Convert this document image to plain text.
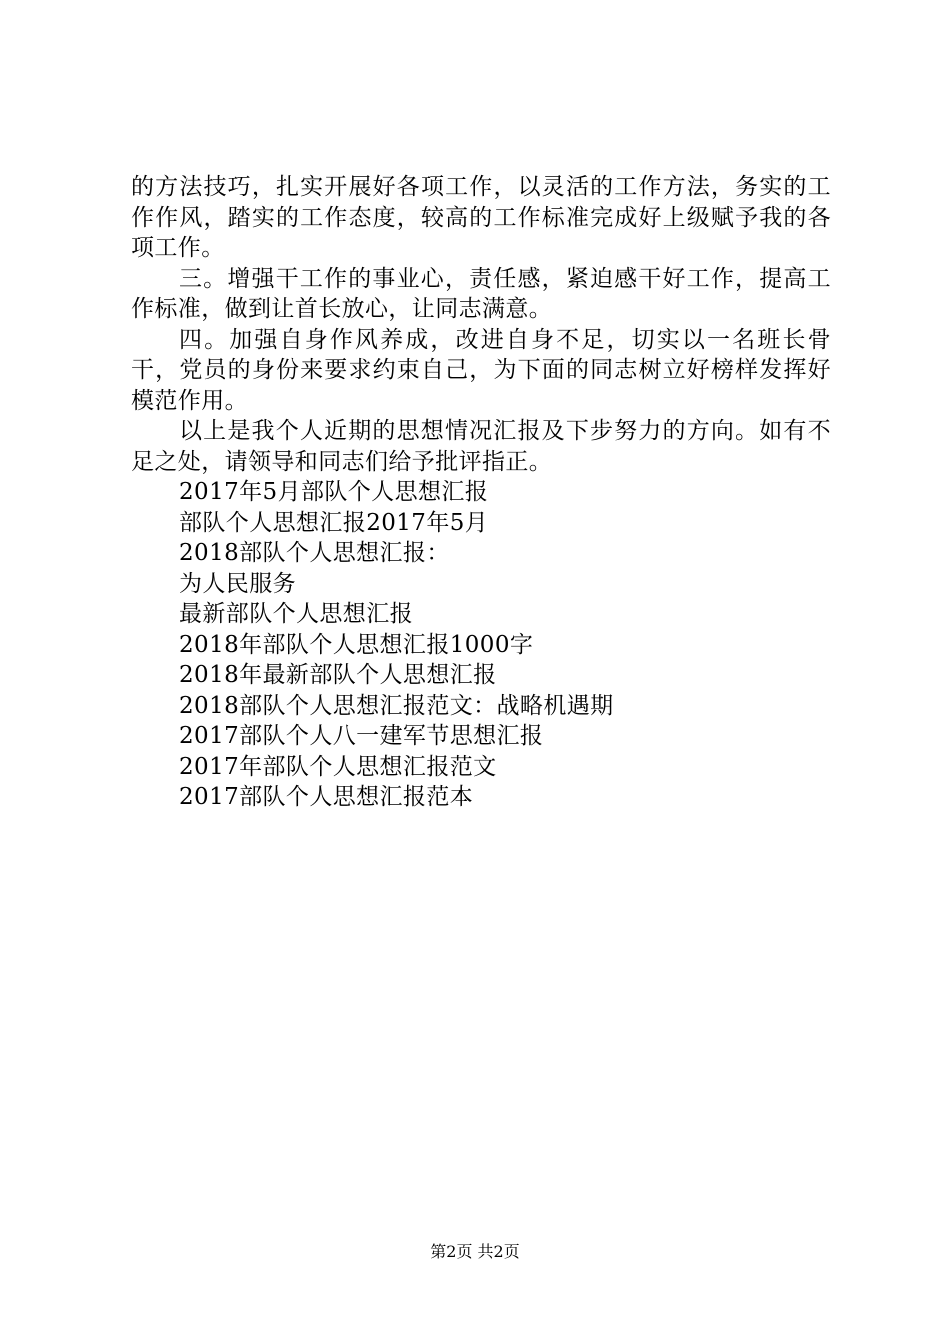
的方法技巧，扎实开展好各项工作，以灵活的工作方法，务实的工作作风，踏实的工作态度，较高的工作标准完成好上级赋予我的各项工作。

三。增强干工作的事业心，责任感，紧迫感干好工作，提高工作标准，做到让首长放心，让同志满意。

四。加强自身作风养成，改进自身不足，切实以一名班长骨干，党员的身份来要求约束自己，为下面的同志树立好榜样发挥好模范作用。

以上是我个人近期的思想情况汇报及下步努力的方向。如有不足之处，请领导和同志们给予批评指正。

2017年5月部队个人思想汇报
部队个人思想汇报2017年5月
2018部队个人思想汇报：
为人民服务
最新部队个人思想汇报
2018年部队个人思想汇报1000字
2018年最新部队个人思想汇报
2018部队个人思想汇报范文：战略机遇期
2017部队个人八一建军节思想汇报
2017年部队个人思想汇报范文
2017部队个人思想汇报范本
第2页 共2页
